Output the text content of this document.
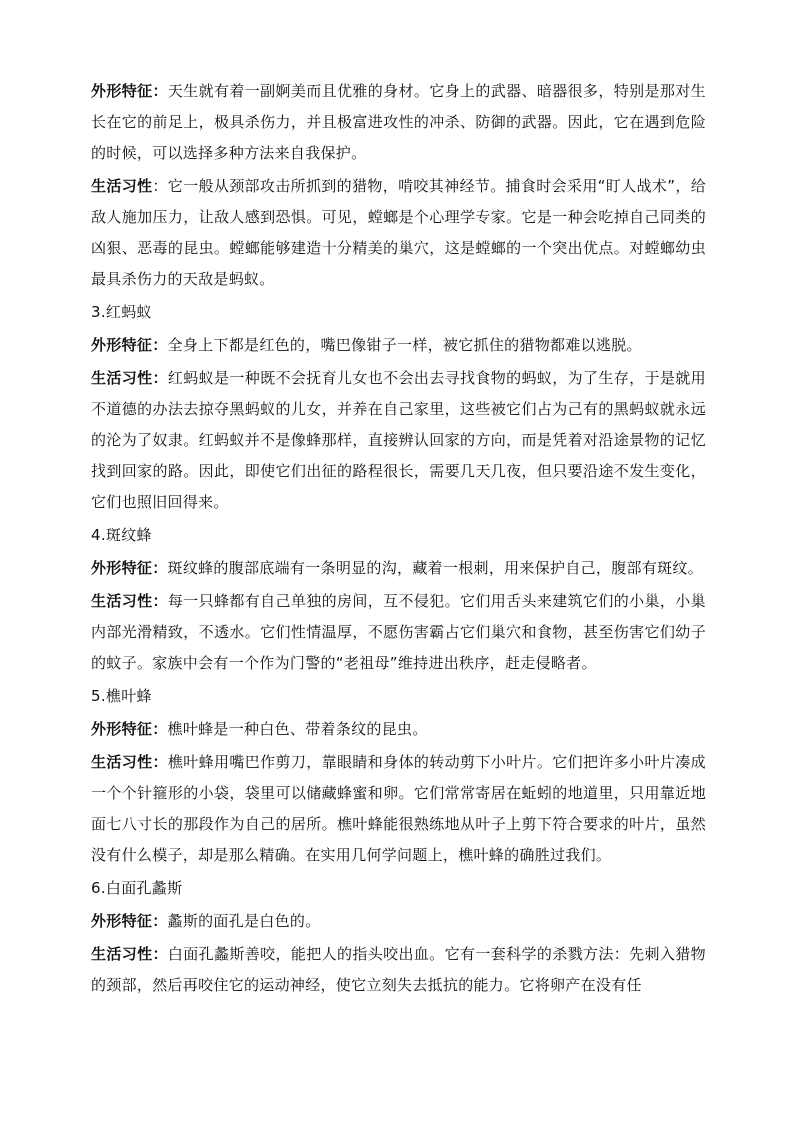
外形特征：天生就有着一副婀美而且优雅的身材。它身上的武器、暗器很多，特别是那对生长在它的前足上，极具杀伤力，并且极富进攻性的冲杀、防御的武器。因此，它在遇到危险的时候，可以选择多种方法来自我保护。

生活习性：它一般从颈部攻击所抓到的猎物，啃咬其神经节。捕食时会采用“盯人战术”，给敌人施加压力，让敌人感到恐惧。可见，螳螂是个心理学专家。它是一种会吃掉自己同类的凶狠、恶毒的昆虫。螳螂能够建造十分精美的巢穴，这是螳螂的一个突出优点。对螳螂幼虫最具杀伤力的天敌是蚂蚁。

3.红蚂蚁

外形特征：全身上下都是红色的，嘴巴像钳子一样，被它抓住的猎物都难以逃脱。

生活习性：红蚂蚁是一种既不会抚育儿女也不会出去寻找食物的蚂蚁，为了生存，于是就用不道德的办法去掠夺黑蚂蚁的儿女，并养在自己家里，这些被它们占为己有的黑蚂蚁就永远的沦为了奴隶。红蚂蚁并不是像蜂那样，直接辨认回家的方向，而是凭着对沿途景物的记忆找到回家的路。因此，即使它们出征的路程很长，需要几天几夜，但只要沿途不发生变化，它们也照旧回得来。

4.斑纹蜂

外形特征：斑纹蜂的腹部底端有一条明显的沟，藏着一根刺，用来保护自己，腹部有斑纹。

生活习性：每一只蜂都有自己单独的房间，互不侵犯。它们用舌头来建筑它们的小巢，小巢内部光滑精致，不透水。它们性情温厚，不愿伤害霸占它们巢穴和食物，甚至伤害它们幼子的蚊子。家族中会有一个作为门警的“老祖母”维持进出秩序，赶走侵略者。

5.樵叶蜂

外形特征：樵叶蜂是一种白色、带着条纹的昆虫。

生活习性：樵叶蜂用嘴巴作剪刀，靠眼睛和身体的转动剪下小叶片。它们把许多小叶片凑成一个个针箍形的小袋，袋里可以储藏蜂蜜和卵。它们常常寄居在蚯蚓的地道里，只用靠近地面七八寸长的那段作为自己的居所。樵叶蜂能很熟练地从叶子上剪下符合要求的叶片，虽然没有什么模子，却是那么精确。在实用几何学问题上，樵叶蜂的确胜过我们。

6.白面孔蠡斯

外形特征：蠡斯的面孔是白色的。

生活习性：白面孔蠡斯善咬，能把人的指头咬出血。它有一套科学的杀戮方法：先刺入猎物的颈部，然后再咬住它的运动神经，使它立刻失去抵抗的能力。它将卵产在没有任
